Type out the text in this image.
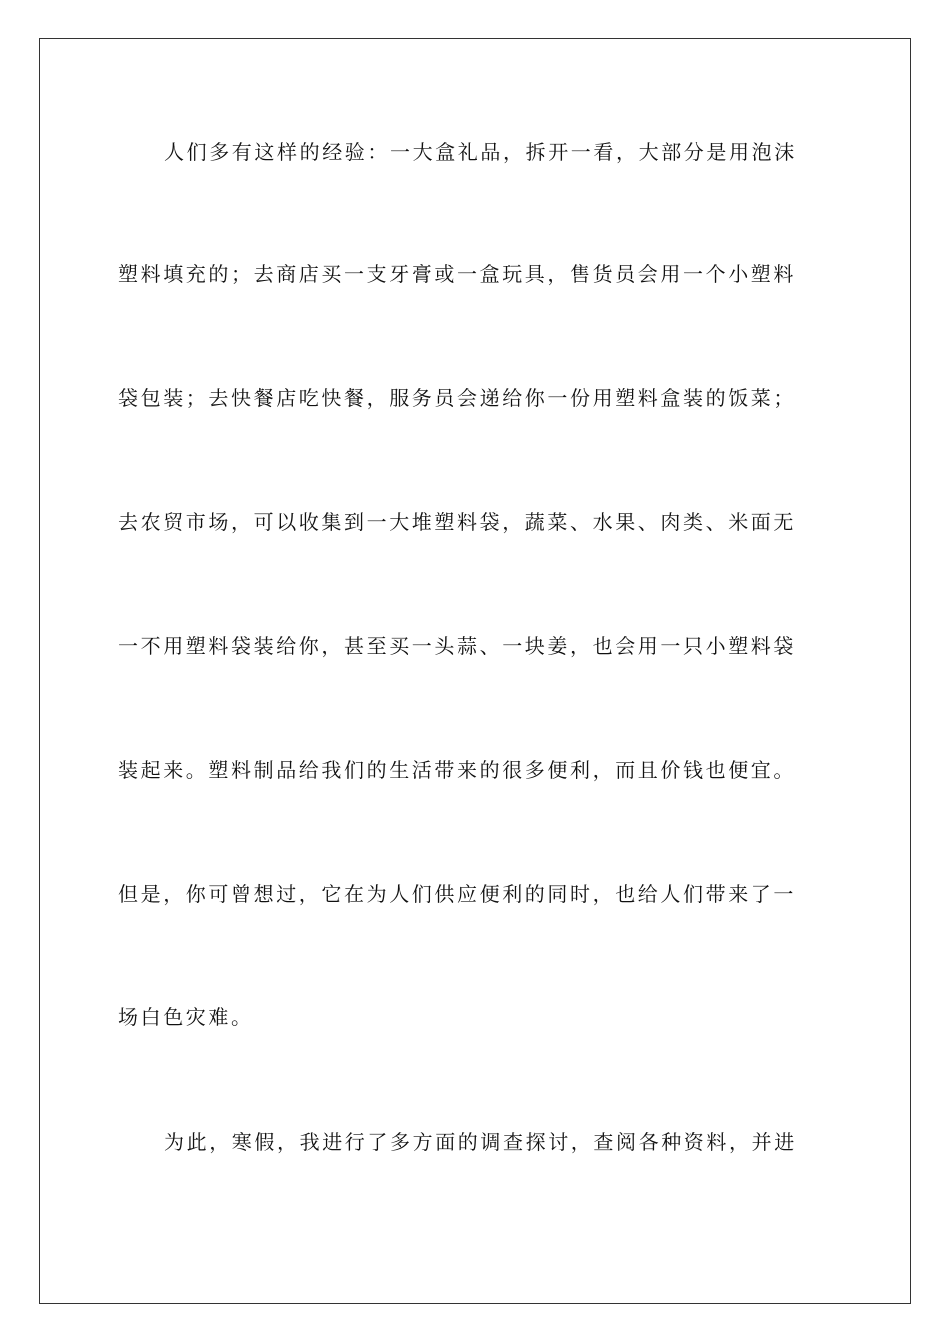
人们多有这样的经验：一大盒礼品，拆开一看，大部分是用泡沫
塑料填充的；去商店买一支牙膏或一盒玩具，售货员会用一个小塑料
袋包装；去快餐店吃快餐，服务员会递给你一份用塑料盒装的饭菜；
去农贸市场，可以收集到一大堆塑料袋，蔬菜、水果、肉类、米面无
一不用塑料袋装给你，甚至买一头蒜、一块姜，也会用一只小塑料袋
装起来。塑料制品给我们的生活带来的很多便利，而且价钱也便宜。
但是，你可曾想过，它在为人们供应便利的同时，也给人们带来了一
场白色灾难。
为此，寒假，我进行了多方面的调查探讨，查阅各种资料，并进
